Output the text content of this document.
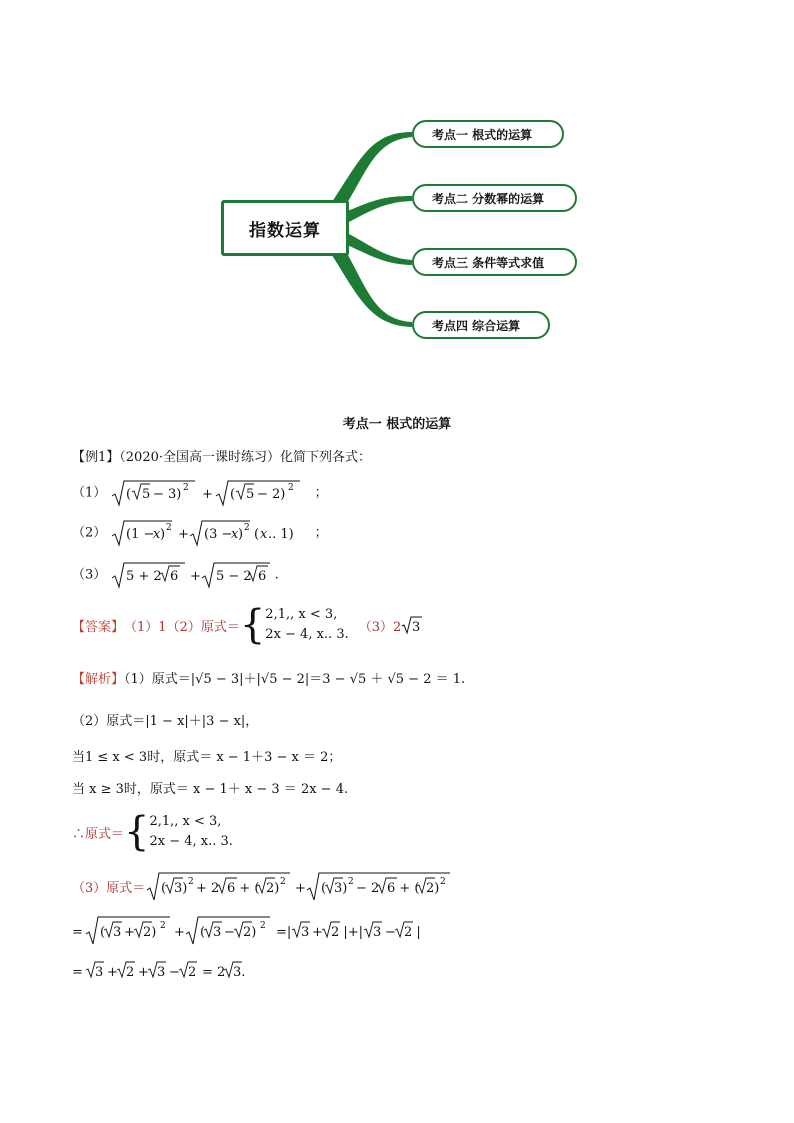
指数运算
考点一 根式的运算
考点二 分数幂的运算
考点三 条件等式求值
考点四 综合运算
考点一 根式的运算
【例1】（2020·全国高一课时练习）化简下列各式：
（1） ( 5 − 3) 2 + ( 5 − 2) 2 ；
（2） (1 −
x ) 2 + (3 −
x ) 2 ( x .. 1) ；
（3） 5 + 2 6 + 5 − 2 6 .
【答案】 （1）1（2）原式＝ { 2,1,, x < 3,
2x − 4, x.. 3. （3）2 3
【解析】（1）原式＝|√5 − 3|＋|√5 − 2|＝3 − √5 ＋ √5 − 2 ＝ 1.
（2）原式＝|1 − x|＋|3 − x|，
当1 ≤ x < 3时，原式＝ x − 1＋3 − x ＝ 2；
当 x ≥ 3时，原式＝ x − 1＋ x − 3 ＝ 2x − 4.
∴原式＝ { 2,1,, x < 3,
2x − 4, x.. 3.
（3）原式＝ ( 3) 2 + 2 6 + ( 2) 2 + ( 3) 2 − 2 6 + ( 2) 2
= ( 3 + 2) 2 + ( 3 − 2) 2 =| 3 + 2 |+| 3 − 2 |
= 3 + 2 + 3 − 2 = 2 3.
